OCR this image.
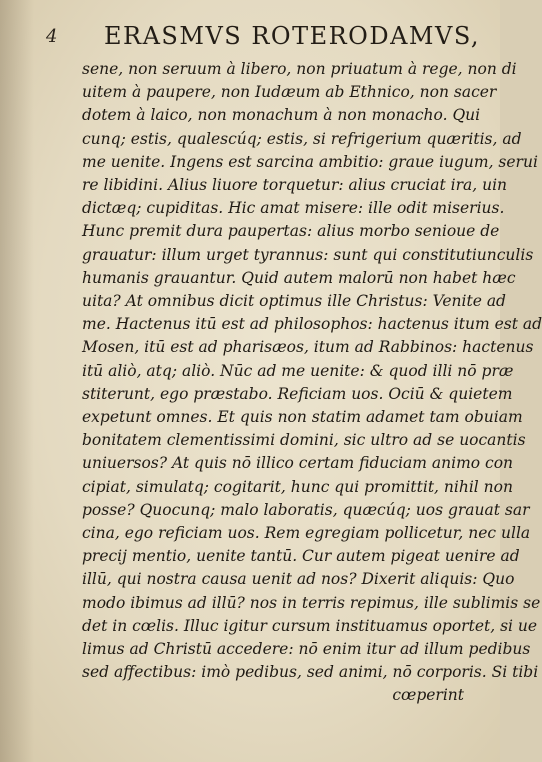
4 ERASMVS ROTERODAMVS,
sene, non seruum à libero, non priuatum à rege, non di
uitem à paupere, non Iudæum ab Ethnico, non sacer
dotem à laico, non monachum à non monacho. Qui
cunq; estis, qualescúq; estis, si refrigerium quæritis, ad
me uenite. Ingens est sarcina ambitio: graue iugum, serui
re libidini. Alius liuore torquetur: alius cruciat ira, uin
dictæq; cupiditas. Hic amat misere: ille odit miserius.
Hunc premit dura paupertas: alius morbo senioue de
grauatur: illum urget tyrannus: sunt qui constitutiunculis
humanis grauantur. Quid autem malorū non habet hæc
uita? At omnibus dicit optimus ille Christus: Venite ad
me. Hactenus itū est ad philosophos: hactenus itum est ad
Mosen, itū est ad pharisæos, itum ad Rabbinos: hactenus
itū aliò, atq; aliò. Nūc ad me uenite: & quod illi nō præ
stiterunt, ego præstabo. Reficiam uos. Ociū & quietem
expetunt omnes. Et quis non statim adamet tam obuiam
bonitatem clementissimi domini, sic ultro ad se uocantis
uniuersos? At quis nō illico certam fiduciam animo con
cipiat, simulatq; cogitarit, hunc qui promittit, nihil non
posse? Quocunq; malo laboratis, quæcúq; uos grauat sar
cina, ego reficiam uos. Rem egregiam pollicetur, nec ulla
precij mentio, uenite tantū. Cur autem pigeat uenire ad
illū, qui nostra causa uenit ad nos? Dixerit aliquis: Quo
modo ibimus ad illū? nos in terris repimus, ille sublimis se
det in cœlis. Illuc igitur cursum instituamus oportet, si ue
limus ad Christū accedere: nō enim itur ad illum pedibus
sed affectibus: imò pedibus, sed animi, nō corporis. Si tibi
cœperint
